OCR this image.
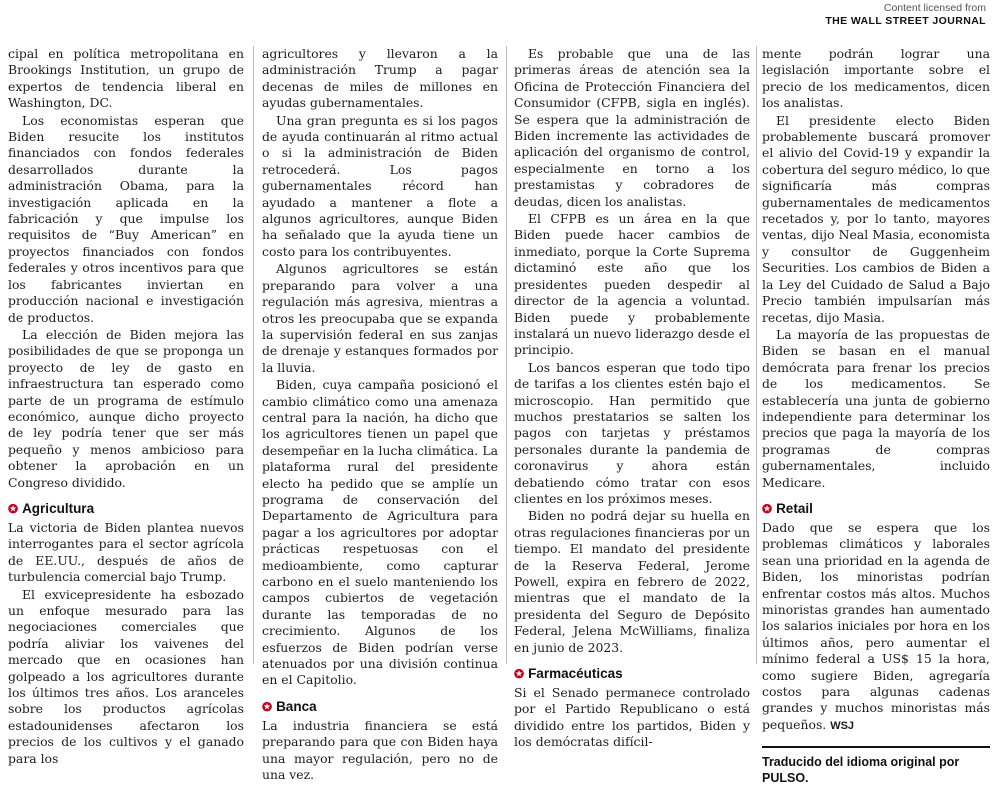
Content licensed from
THE WALL STREET JOURNAL

cipal en política metropolitana en Brookings Institution, un grupo de expertos de tendencia liberal en Washington, DC.

Los economistas esperan que Biden resucite los institutos financiados con fondos federales desarrollados durante la administración Obama, para la investigación aplicada en la fabricación y que impulse los requisitos de “Buy American” en proyectos financiados con fondos federales y otros incentivos para que los fabricantes inviertan en producción nacional e investigación de productos.

La elección de Biden mejora las posibilidades de que se proponga un proyecto de ley de gasto en infraestructura tan esperado como parte de un programa de estímulo económico, aunque dicho proyecto de ley podría tener que ser más pequeño y menos ambicioso para obtener la aprobación en un Congreso dividido.

✪ Agricultura

La victoria de Biden plantea nuevos interrogantes para el sector agrícola de EE.UU., después de años de turbulencia comercial bajo Trump.

El exvicepresidente ha esbozado un enfoque mesurado para las negociaciones comerciales que podría aliviar los vaivenes del mercado que en ocasiones han golpeado a los agricultores durante los últimos tres años. Los aranceles sobre los productos agrícolas estadounidenses afectaron los precios de los cultivos y el ganado para los

agricultores y llevaron a la administración Trump a pagar decenas de miles de millones en ayudas gubernamentales.

Una gran pregunta es si los pagos de ayuda continuarán al ritmo actual o si la administración de Biden retrocederá. Los pagos gubernamentales récord han ayudado a mantener a flote a algunos agricultores, aunque Biden ha señalado que la ayuda tiene un costo para los contribuyentes.

Algunos agricultores se están preparando para volver a una regulación más agresiva, mientras a otros les preocupaba que se expanda la supervisión federal en sus zanjas de drenaje y estanques formados por la lluvia.

Biden, cuya campaña posicionó el cambio climático como una amenaza central para la nación, ha dicho que los agricultores tienen un papel que desempeñar en la lucha climática. La plataforma rural del presidente electo ha pedido que se amplíe un programa de conservación del Departamento de Agricultura para pagar a los agricultores por adoptar prácticas respetuosas con el medioambiente, como capturar carbono en el suelo manteniendo los campos cubiertos de vegetación durante las temporadas de no crecimiento. Algunos de los esfuerzos de Biden podrían verse atenuados por una división continua en el Capitolio.

✪ Banca

La industria financiera se está preparando para que con Biden haya una mayor regulación, pero no de una vez.

Es probable que una de las primeras áreas de atención sea la Oficina de Protección Financiera del Consumidor (CFPB, sigla en inglés). Se espera que la administración de Biden incremente las actividades de aplicación del organismo de control, especialmente en torno a los prestamistas y cobradores de deudas, dicen los analistas.

El CFPB es un área en la que Biden puede hacer cambios de inmediato, porque la Corte Suprema dictaminó este año que los presidentes pueden despedir al director de la agencia a voluntad. Biden puede y probablemente instalará un nuevo liderazgo desde el principio.

Los bancos esperan que todo tipo de tarifas a los clientes estén bajo el microscopio. Han permitido que muchos prestatarios se salten los pagos con tarjetas y préstamos personales durante la pandemia de coronavirus y ahora están debatiendo cómo tratar con esos clientes en los próximos meses.

Biden no podrá dejar su huella en otras regulaciones financieras por un tiempo. El mandato del presidente de la Reserva Federal, Jerome Powell, expira en febrero de 2022, mientras que el mandato de la presidenta del Seguro de Depósito Federal, Jelena McWilliams, finaliza en junio de 2023.

✪ Farmacéuticas

Si el Senado permanece controlado por el Partido Republicano o está dividido entre los partidos, Biden y los demócratas difícil-

mente podrán lograr una legislación importante sobre el precio de los medicamentos, dicen los analistas.

El presidente electo Biden probablemente buscará promover el alivio del Covid-19 y expandir la cobertura del seguro médico, lo que significaría más compras gubernamentales de medicamentos recetados y, por lo tanto, mayores ventas, dijo Neal Masia, economista y consultor de Guggenheim Securities. Los cambios de Biden a la Ley del Cuidado de Salud a Bajo Precio también impulsarían más recetas, dijo Masia.

La mayoría de las propuestas de Biden se basan en el manual demócrata para frenar los precios de los medicamentos. Se establecería una junta de gobierno independiente para determinar los precios que paga la mayoría de los programas de compras gubernamentales, incluido Medicare.

✪ Retail

Dado que se espera que los problemas climáticos y laborales sean una prioridad en la agenda de Biden, los minoristas podrían enfrentar costos más altos. Muchos minoristas grandes han aumentado los salarios iniciales por hora en los últimos años, pero aumentar el mínimo federal a US$ 15 la hora, como sugiere Biden, agregaría costos para algunas cadenas grandes y muchos minoristas más pequeños. WSJ

Traducido del idioma original por PULSO.
